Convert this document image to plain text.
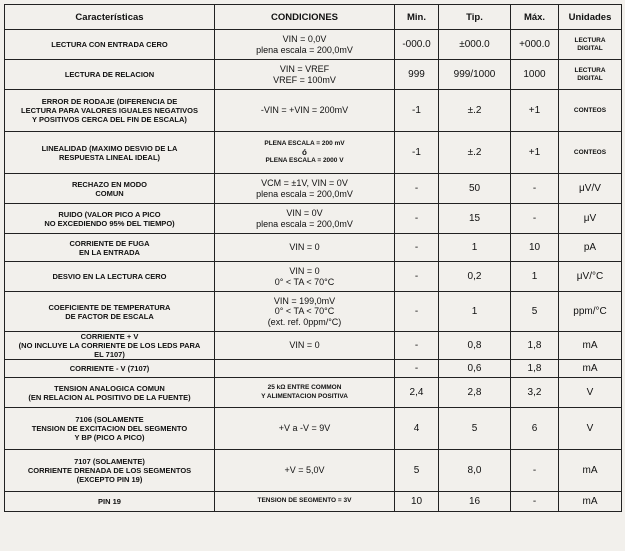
Características	CONDICIONES	Min.	Tip.	Máx.	Unidades

LECTURA CON ENTRADA CERO	VIN = 0,0V
plena escala = 200,0mV	-000.0	±000.0	+000.0	LECTURA
DIGITAL

LECTURA DE RELACION	VIN = VREF
VREF = 100mV	999	999/1000	1000	LECTURA
DIGITAL

ERROR DE RODAJE (DIFERENCIA DE
LECTURA PARA VALORES IGUALES NEGATIVOS
Y POSITIVOS CERCA DEL FIN DE ESCALA)	-VIN = +VIN = 200mV	-1	±.2	+1	CONTEOS

LINEALIDAD (MAXIMO DESVIO DE LA
RESPUESTA LINEAL IDEAL)	PLENA ESCALA = 200 mV
ó
PLENA ESCALA = 2000 V	-1	±.2	+1	CONTEOS

RECHAZO EN MODO
COMUN	VCM = ±1V, VIN = 0V
plena escala = 200,0mV	-	50	-	μV/V

RUIDO (VALOR PICO A PICO
NO EXCEDIENDO 95% DEL TIEMPO)	VIN = 0V
plena escala = 200,0mV	-	15	-	μV

CORRIENTE DE FUGA
EN LA ENTRADA	VIN = 0	-	1	10	pA

DESVIO EN LA LECTURA CERO	VIN = 0
0° < TA < 70°C	-	0,2	1	μV/°C

COEFICIENTE DE TEMPERATURA
DE FACTOR DE ESCALA	VIN = 199,0mV
0° < TA < 70°C
(ext. ref. 0ppm/°C)	-	1	5	ppm/°C

CORRIENTE + V
(NO INCLUYE LA CORRIENTE DE LOS LEDS PARA
EL 7107)	VIN = 0	-	0,8	1,8	mA

CORRIENTE - V (7107)		-	0,6	1,8	mA

TENSION ANALOGICA COMUN
(EN RELACION AL POSITIVO DE LA FUENTE)	25 kΩ ENTRE COMMON
Y ALIMENTACION POSITIVA	2,4	2,8	3,2	V

7106 (SOLAMENTE
TENSION DE EXCITACION DEL SEGMENTO
Y BP (PICO A PICO)	+V a -V = 9V	4	5	6	V

7107 (SOLAMENTE)
CORRIENTE DRENADA DE LOS SEGMENTOS
(EXCEPTO PIN 19)	+V = 5,0V	5	8,0	-	mA

PIN 19	TENSION DE SEGMENTO = 3V	10	16	-	mA
